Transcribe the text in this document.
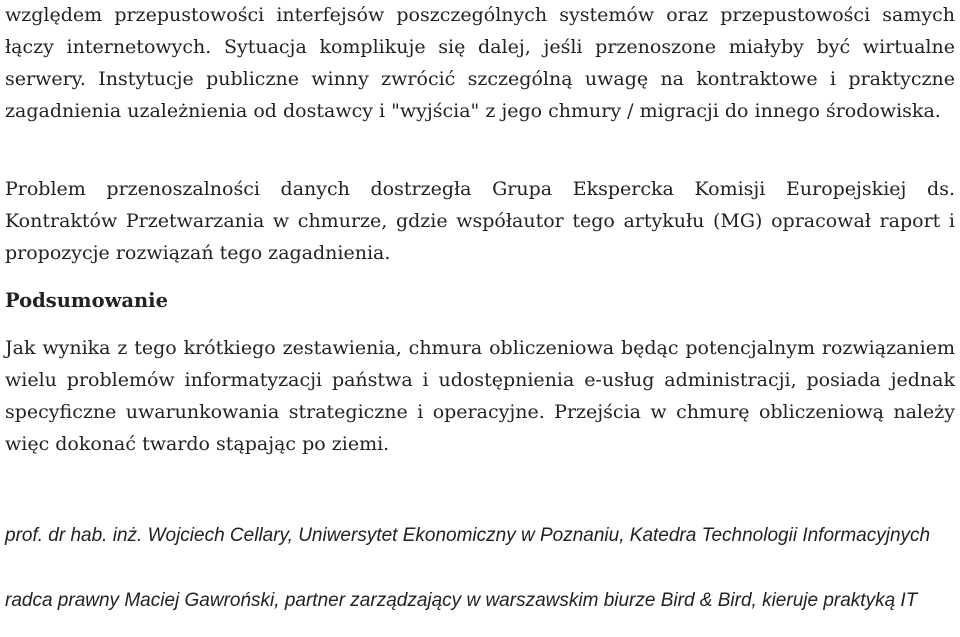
względem przepustowości interfejsów poszczególnych systemów oraz przepustowości samych łączy internetowych. Sytuacja komplikuje się dalej, jeśli przenoszone miałyby być wirtualne serwery. Instytucje publiczne winny zwrócić szczególną uwagę na kontraktowe i praktyczne zagadnienia uzależnienia od dostawcy i "wyjścia" z jego chmury / migracji do innego środowiska.

Problem przenoszalności danych dostrzegła Grupa Ekspercka Komisji Europejskiej ds. Kontraktów Przetwarzania w chmurze, gdzie współautor tego artykułu (MG) opracował raport i propozycje rozwiązań tego zagadnienia.

Podsumowanie

Jak wynika z tego krótkiego zestawienia, chmura obliczeniowa będąc potencjalnym rozwiązaniem wielu problemów informatyzacji państwa i udostępnienia e-usług administracji, posiada jednak specyficzne uwarunkowania strategiczne i operacyjne. Przejścia w chmurę obliczeniową należy więc dokonać twardo stąpając po ziemi.

prof. dr hab. inż. Wojciech Cellary, Uniwersytet Ekonomiczny w Poznaniu, Katedra Technologii Informacyjnych

radca prawny Maciej Gawroński, partner zarządzający w warszawskim biurze Bird & Bird, kieruje praktyką IT
